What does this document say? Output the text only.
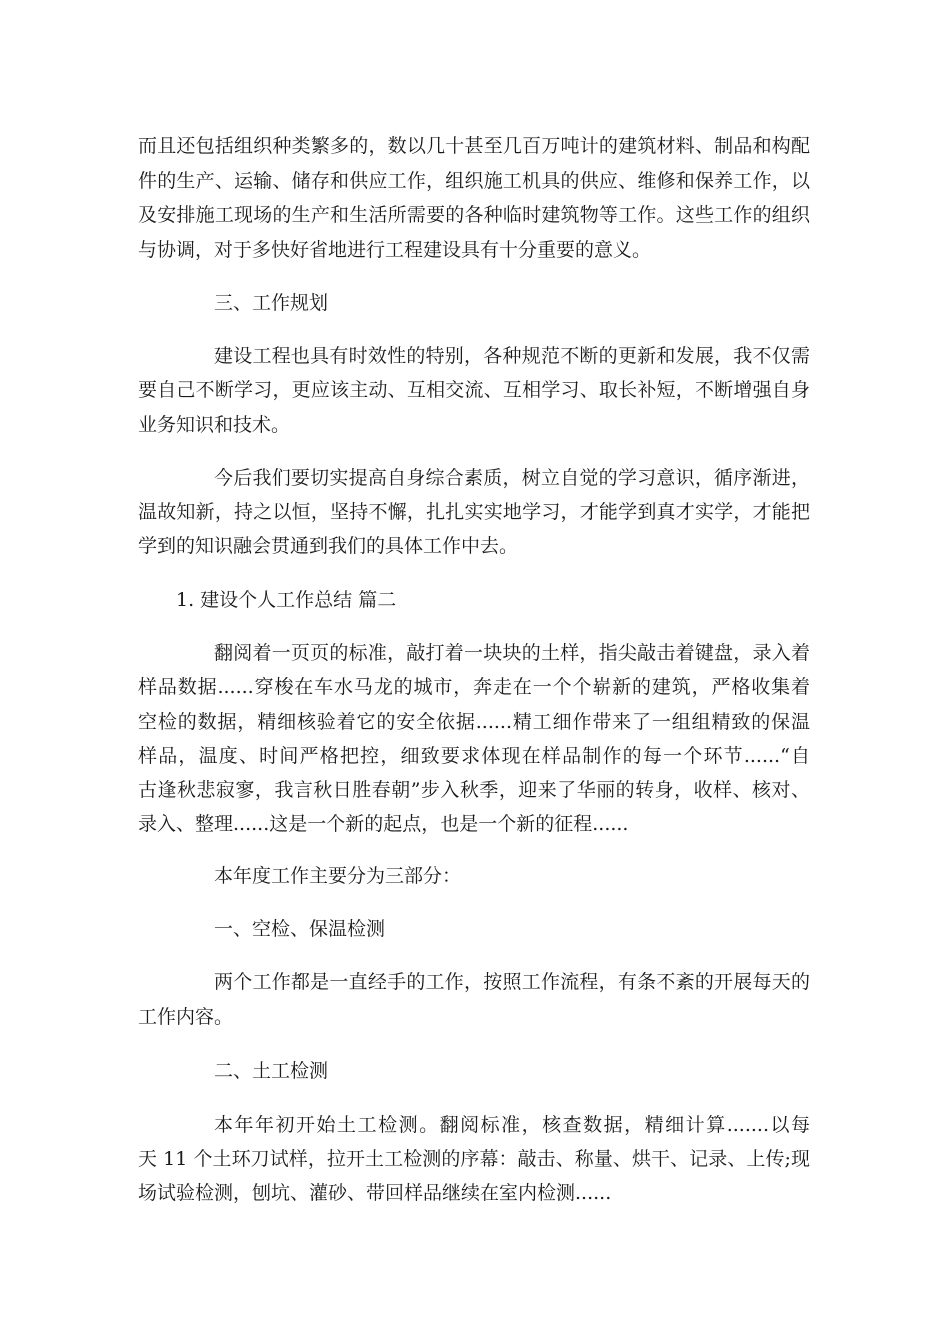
而且还包括组织种类繁多的，数以几十甚至几百万吨计的建筑材料、制品和构配
件的生产、运输、储存和供应工作，组织施工机具的供应、维修和保养工作，以
及安排施工现场的生产和生活所需要的各种临时建筑物等工作。这些工作的组织
与协调，对于多快好省地进行工程建设具有十分重要的意义。
三、工作规划
建设工程也具有时效性的特别，各种规范不断的更新和发展，我不仅需
要自己不断学习，更应该主动、互相交流、互相学习、取长补短，不断增强自身
业务知识和技术。
今后我们要切实提高自身综合素质，树立自觉的学习意识，循序渐进，
温故知新，持之以恒，坚持不懈，扎扎实实地学习，才能学到真才实学，才能把
学到的知识融会贯通到我们的具体工作中去。
1. 建设个人工作总结 篇二
翻阅着一页页的标准，敲打着一块块的土样，指尖敲击着键盘，录入着
样品数据......穿梭在车水马龙的城市，奔走在一个个崭新的建筑，严格收集着
空检的数据，精细核验着它的安全依据......精工细作带来了一组组精致的保温
样品，温度、时间严格把控，细致要求体现在样品制作的每一个环节......“自
古逢秋悲寂寥，我言秋日胜春朝”步入秋季，迎来了华丽的转身，收样、核对、
录入、整理......这是一个新的起点，也是一个新的征程......
本年度工作主要分为三部分：
一、空检、保温检测
两个工作都是一直经手的工作，按照工作流程，有条不紊的开展每天的
工作内容。
二、土工检测
本年年初开始土工检测。翻阅标准，核查数据，精细计算.......以每
天 11 个土环刀试样，拉开土工检测的序幕：敲击、称量、烘干、记录、上传;现
场试验检测，刨坑、灌砂、带回样品继续在室内检测......
